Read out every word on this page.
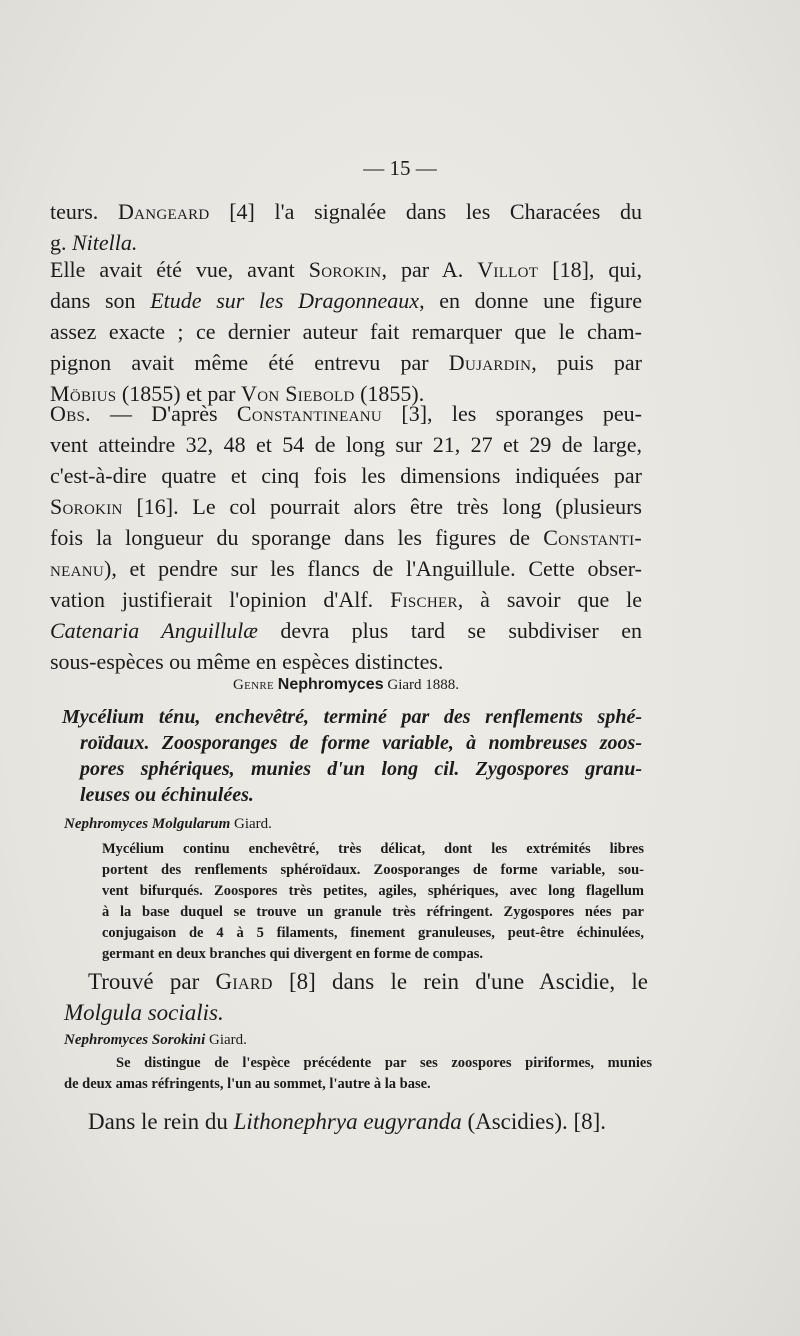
— 15 —
teurs. Dangeard [4] l'a signalée dans les Characées du
g. Nitella.
Elle avait été vue, avant Sorokin, par A. Villot [18], qui,
dans son Etude sur les Dragonneaux, en donne une figure
assez exacte ; ce dernier auteur fait remarquer que le cham-
pignon avait même été entrevu par Dujardin, puis par
Möbius (1855) et par Von Siebold (1855).
Obs. — D'après Constantineanu [3], les sporanges peu-
vent atteindre 32, 48 et 54 de long sur 21, 27 et 29 de large,
c'est-à-dire quatre et cinq fois les dimensions indiquées par
Sorokin [16]. Le col pourrait alors être très long (plusieurs
fois la longueur du sporange dans les figures de Constanti-
neanu), et pendre sur les flancs de l'Anguillule. Cette obser-
vation justifierait l'opinion d'Alf. Fischer, à savoir que le
Catenaria Anguillulæ devra plus tard se subdiviser en
sous-espèces ou même en espèces distinctes.
Genre Nephromyces Giard 1888.
Mycélium ténu, enchevêtré, terminé par des renflements sphé-
roïdaux. Zoosporanges de forme variable, à nombreuses zoos-
pores sphériques, munies d'un long cil. Zygospores granu-
leuses ou échinulées.
Nephromyces Molgularum Giard.
Mycélium continu enchevêtré, très délicat, dont les extrémités libres
portent des renflements sphéroïdaux. Zoosporanges de forme variable, sou-
vent bifurqués. Zoospores très petites, agiles, sphériques, avec long flagellum
à la base duquel se trouve un granule très réfringent. Zygospores nées par
conjugaison de 4 à 5 filaments, finement granuleuses, peut-être échinulées,
germant en deux branches qui divergent en forme de compas.
Trouvé par Giard [8] dans le rein d'une Ascidie, le
Molgula socialis.
Nephromyces Sorokini Giard.
Se distingue de l'espèce précédente par ses zoospores piriformes, munies
de deux amas réfringents, l'un au sommet, l'autre à la base.
Dans le rein du Lithonephrya eugyranda (Ascidies). [8].
